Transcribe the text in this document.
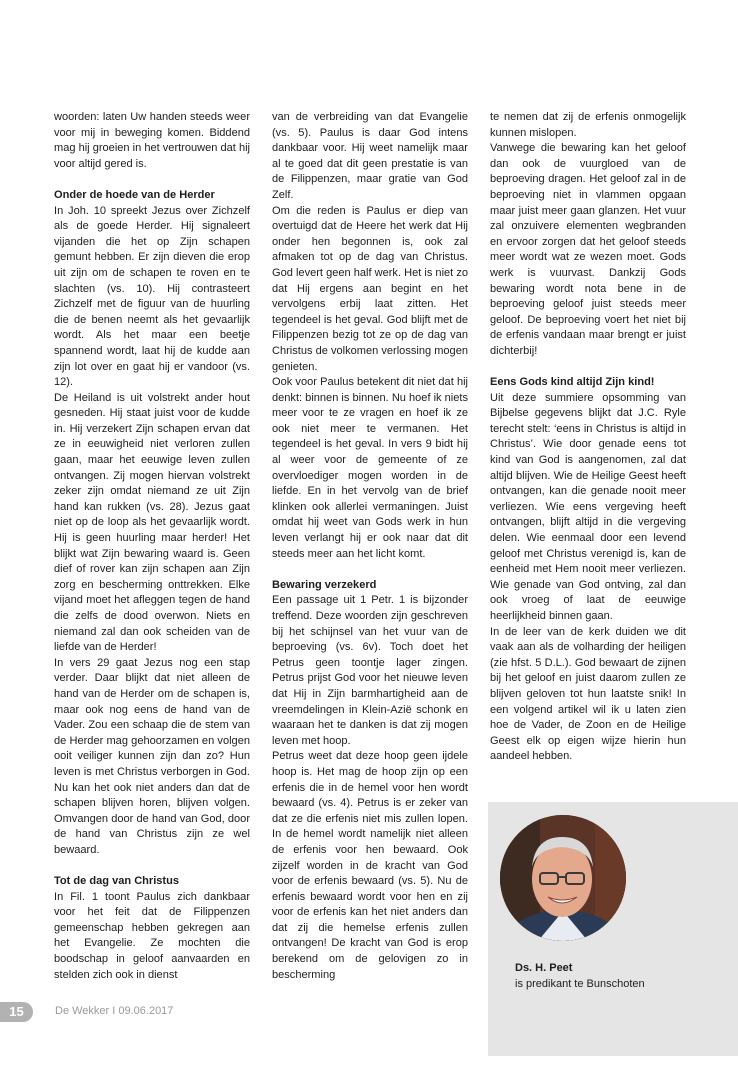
woorden: laten Uw handen steeds weer voor mij in beweging komen. Biddend mag hij groeien in het vertrouwen dat hij voor altijd gered is.

Onder de hoede van de Herder

In Joh. 10 spreekt Jezus over Zichzelf als de goede Herder. Hij signaleert vijanden die het op Zijn schapen gemunt hebben. Er zijn dieven die erop uit zijn om de schapen te roven en te slachten (vs. 10). Hij contrasteert Zichzelf met de figuur van de huurling die de benen neemt als het gevaarlijk wordt. Als het maar een beetje spannend wordt, laat hij de kudde aan zijn lot over en gaat hij er vandoor (vs. 12).

De Heiland is uit volstrekt ander hout gesneden. Hij staat juist voor de kudde in. Hij verzekert Zijn schapen ervan dat ze in eeuwigheid niet verloren zullen gaan, maar het eeuwige leven zullen ontvangen. Zij mogen hiervan volstrekt zeker zijn omdat niemand ze uit Zijn hand kan rukken (vs. 28). Jezus gaat niet op de loop als het gevaarlijk wordt. Hij is geen huurling maar herder! Het blijkt wat Zijn bewaring waard is. Geen dief of rover kan zijn schapen aan Zijn zorg en bescherming onttrekken. Elke vijand moet het afleggen tegen de hand die zelfs de dood overwon. Niets en niemand zal dan ook scheiden van de liefde van de Herder!

In vers 29 gaat Jezus nog een stap verder. Daar blijkt dat niet alleen de hand van de Herder om de schapen is, maar ook nog eens de hand van de Vader. Zou een schaap die de stem van de Herder mag gehoorzamen en volgen ooit veiliger kunnen zijn dan zo? Hun leven is met Christus verborgen in God. Nu kan het ook niet anders dan dat de schapen blijven horen, blijven volgen. Omvangen door de hand van God, door de hand van Christus zijn ze wel bewaard.

Tot de dag van Christus

In Fil. 1 toont Paulus zich dankbaar voor het feit dat de Filippenzen gemeenschap hebben gekregen aan het Evangelie. Ze mochten die boodschap in geloof aanvaarden en stelden zich ook in dienst

van de verbreiding van dat Evangelie (vs. 5). Paulus is daar God intens dankbaar voor. Hij weet namelijk maar al te goed dat dit geen prestatie is van de Filippenzen, maar gratie van God Zelf.

Om die reden is Paulus er diep van overtuigd dat de Heere het werk dat Hij onder hen begonnen is, ook zal afmaken tot op de dag van Christus. God levert geen half werk. Het is niet zo dat Hij ergens aan begint en het vervolgens erbij laat zitten. Het tegendeel is het geval. God blijft met de Filippenzen bezig tot ze op de dag van Christus de volkomen verlossing mogen genieten.

Ook voor Paulus betekent dit niet dat hij denkt: binnen is binnen. Nu hoef ik niets meer voor te ze vragen en hoef ik ze ook niet meer te vermanen. Het tegendeel is het geval. In vers 9 bidt hij al weer voor de gemeente of ze overvloediger mogen worden in de liefde. En in het vervolg van de brief klinken ook allerlei vermaningen. Juist omdat hij weet van Gods werk in hun leven verlangt hij er ook naar dat dit steeds meer aan het licht komt.

Bewaring verzekerd

Een passage uit 1 Petr. 1 is bijzonder treffend. Deze woorden zijn geschreven bij het schijnsel van het vuur van de beproeving (vs. 6v). Toch doet het Petrus geen toontje lager zingen. Petrus prijst God voor het nieuwe leven dat Hij in Zijn barmhartigheid aan de vreemdelingen in Klein-Azië schonk en waaraan het te danken is dat zij mogen leven met hoop.

Petrus weet dat deze hoop geen ijdele hoop is. Het mag de hoop zijn op een erfenis die in de hemel voor hen wordt bewaard (vs. 4). Petrus is er zeker van dat ze die erfenis niet mis zullen lopen. In de hemel wordt namelijk niet alleen de erfenis voor hen bewaard. Ook zijzelf worden in de kracht van God voor de erfenis bewaard (vs. 5). Nu de erfenis bewaard wordt voor hen en zij voor de erfenis kan het niet anders dan dat zij die hemelse erfenis zullen ontvangen! De kracht van God is erop berekend om de gelovigen zo in bescherming

te nemen dat zij de erfenis onmogelijk kunnen mislopen.

Vanwege die bewaring kan het geloof dan ook de vuurgloed van de beproeving dragen. Het geloof zal in de beproeving niet in vlammen opgaan maar juist meer gaan glanzen. Het vuur zal onzuivere elementen wegbranden en ervoor zorgen dat het geloof steeds meer wordt wat ze wezen moet. Gods werk is vuurvast. Dankzij Gods bewaring wordt nota bene in de beproeving geloof juist steeds meer geloof. De beproeving voert het niet bij de erfenis vandaan maar brengt er juist dichterbij!

Eens Gods kind altijd Zijn kind!

Uit deze summiere opsomming van Bijbelse gegevens blijkt dat J.C. Ryle terecht stelt: ‘eens in Christus is altijd in Christus’. Wie door genade eens tot kind van God is aangenomen, zal dat altijd blijven. Wie de Heilige Geest heeft ontvangen, kan die genade nooit meer verliezen. Wie eens vergeving heeft ontvangen, blijft altijd in die vergeving delen. Wie eenmaal door een levend geloof met Christus verenigd is, kan de eenheid met Hem nooit meer verliezen. Wie genade van God ontving, zal dan ook vroeg of laat de eeuwige heerlijkheid binnen gaan.

In de leer van de kerk duiden we dit vaak aan als de volharding der heiligen (zie hfst. 5 D.L.). God bewaart de zijnen bij het geloof en juist daarom zullen ze blijven geloven tot hun laatste snik! In een volgend artikel wil ik u laten zien hoe de Vader, de Zoon en de Heilige Geest elk op eigen wijze hierin hun aandeel hebben.

Ds. H. Peet
is predikant te Bunschoten
15	De Wekker I 09.06.2017
